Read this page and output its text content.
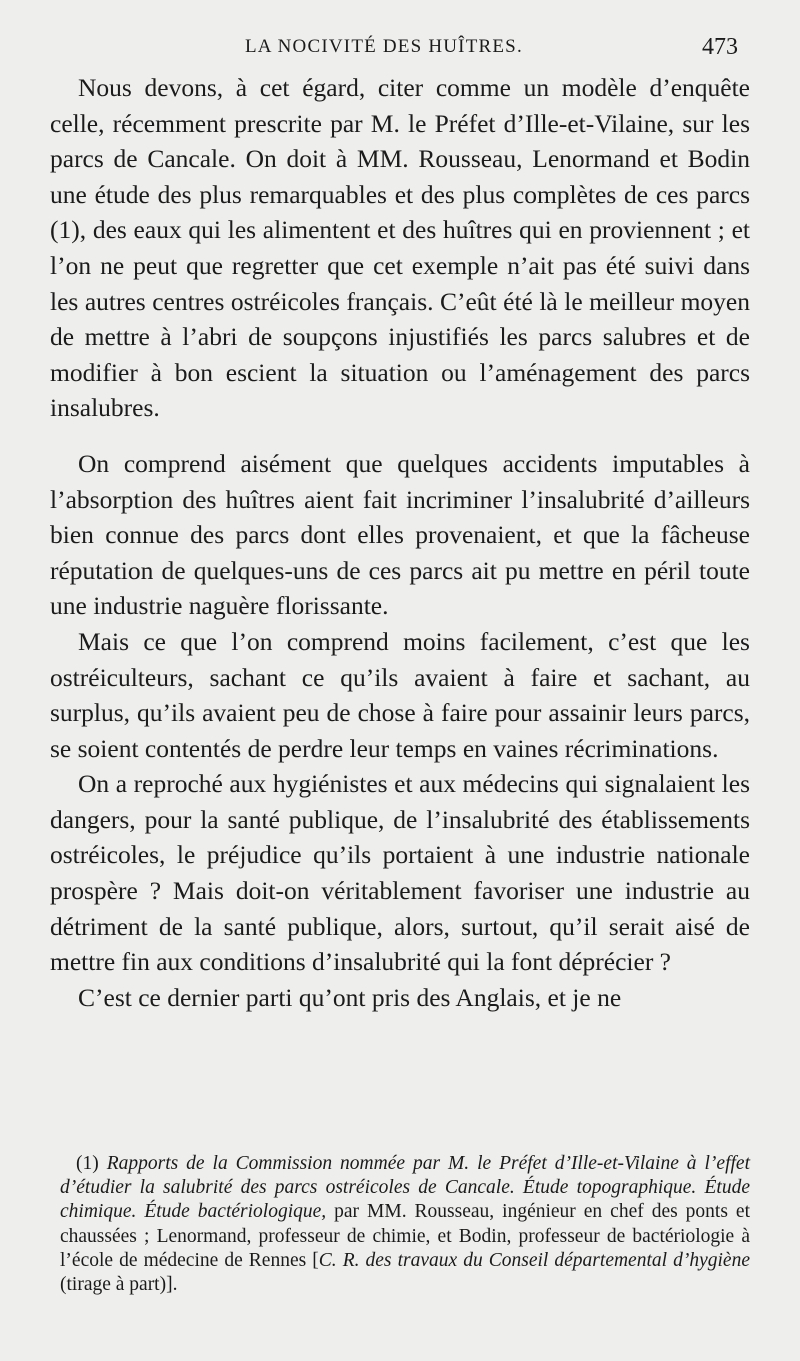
LA NOCIVITÉ DES HUÎTRES.	473

Nous devons, à cet égard, citer comme un modèle d’enquête celle, récemment prescrite par M. le Préfet d’Ille-et-Vilaine, sur les parcs de Cancale. On doit à MM. Rousseau, Lenormand et Bodin une étude des plus remarquables et des plus complètes de ces parcs (1), des eaux qui les alimentent et des huîtres qui en proviennent ; et l’on ne peut que regretter que cet exemple n’ait pas été suivi dans les autres centres ostréicoles français. C’eût été là le meilleur moyen de mettre à l’abri de soupçons injustifiés les parcs salubres et de modifier à bon escient la situation ou l’aménagement des parcs insalubres.

On comprend aisément que quelques accidents imputables à l’absorption des huîtres aient fait incriminer l’insalubrité d’ailleurs bien connue des parcs dont elles provenaient, et que la fâcheuse réputation de quelques-uns de ces parcs ait pu mettre en péril toute une industrie naguère florissante.

Mais ce que l’on comprend moins facilement, c’est que les ostréiculteurs, sachant ce qu’ils avaient à faire et sachant, au surplus, qu’ils avaient peu de chose à faire pour assainir leurs parcs, se soient contentés de perdre leur temps en vaines récriminations.

On a reproché aux hygiénistes et aux médecins qui signalaient les dangers, pour la santé publique, de l’insalubrité des établissements ostréicoles, le préjudice qu’ils portaient à une industrie nationale prospère ? Mais doit-on véritablement favoriser une industrie au détriment de la santé publique, alors, surtout, qu’il serait aisé de mettre fin aux conditions d’insalubrité qui la font déprécier ?

C’est ce dernier parti qu’ont pris des Anglais, et je ne

(1) Rapports de la Commission nommée par M. le Préfet d’Ille-et-Vilaine à l’effet d’étudier la salubrité des parcs ostréicoles de Cancale. Étude topographique. Étude chimique. Étude bactériologique, par MM. Rousseau, ingénieur en chef des ponts et chaussées ; Lenormand, professeur de chimie, et Bodin, professeur de bactériologie à l’école de médecine de Rennes [C. R. des travaux du Conseil départemental d’hygiène (tirage à part)].
